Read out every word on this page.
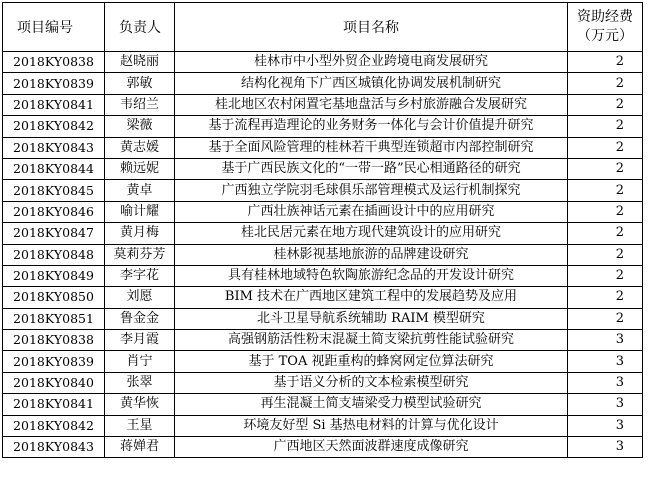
项目编号	负责人	项目名称	资助经费
（万元）

2018KY0838	赵晓丽	桂林市中小型外贸企业跨境电商发展研究	2
2018KY0839	郭敏	结构化视角下广西区城镇化协调发展机制研究	2
2018KY0841	韦绍兰	桂北地区农村闲置宅基地盘活与乡村旅游融合发展研究	2
2018KY0842	梁薇	基于流程再造理论的业务财务一体化与会计价值提升研究	2
2018KY0843	黄志媛	基于全面风险管理的桂林若干典型连锁超市内部控制研究	2
2018KY0844	赖远妮	基于广西民族文化的“一带一路”民心相通路径的研究	2
2018KY0845	黄卓	广西独立学院羽毛球俱乐部管理模式及运行机制探究	2
2018KY0846	喻计耀	广西壮族神话元素在插画设计中的应用研究	2
2018KY0847	黄月梅	桂北民居元素在地方现代建筑设计的应用研究	2
2018KY0848	莫莉芬芳	桂林影视基地旅游的品牌建设研究	2
2018KY0849	李字花	具有桂林地域特色软陶旅游纪念品的开发设计研究	2
2018KY0850	刘愿	BIM 技术在广西地区建筑工程中的发展趋势及应用	2
2018KY0851	鲁金金	北斗卫星导航系统辅助 RAIM 模型研究	2
2018KY0838	李月霞	高强钢筋活性粉末混凝土简支梁抗剪性能试验研究	3
2018KY0839	肖宁	基于 TOA 视距重构的蜂窝网定位算法研究	3
2018KY0840	张翠	基于语义分析的文本检索模型研究	3
2018KY0841	黄华恢	再生混凝土简支墙梁受力模型试验研究	3
2018KY0842	王星	环境友好型 Si 基热电材料的计算与优化设计	3
2018KY0843	蒋婵君	广西地区天然面波群速度成像研究	3
